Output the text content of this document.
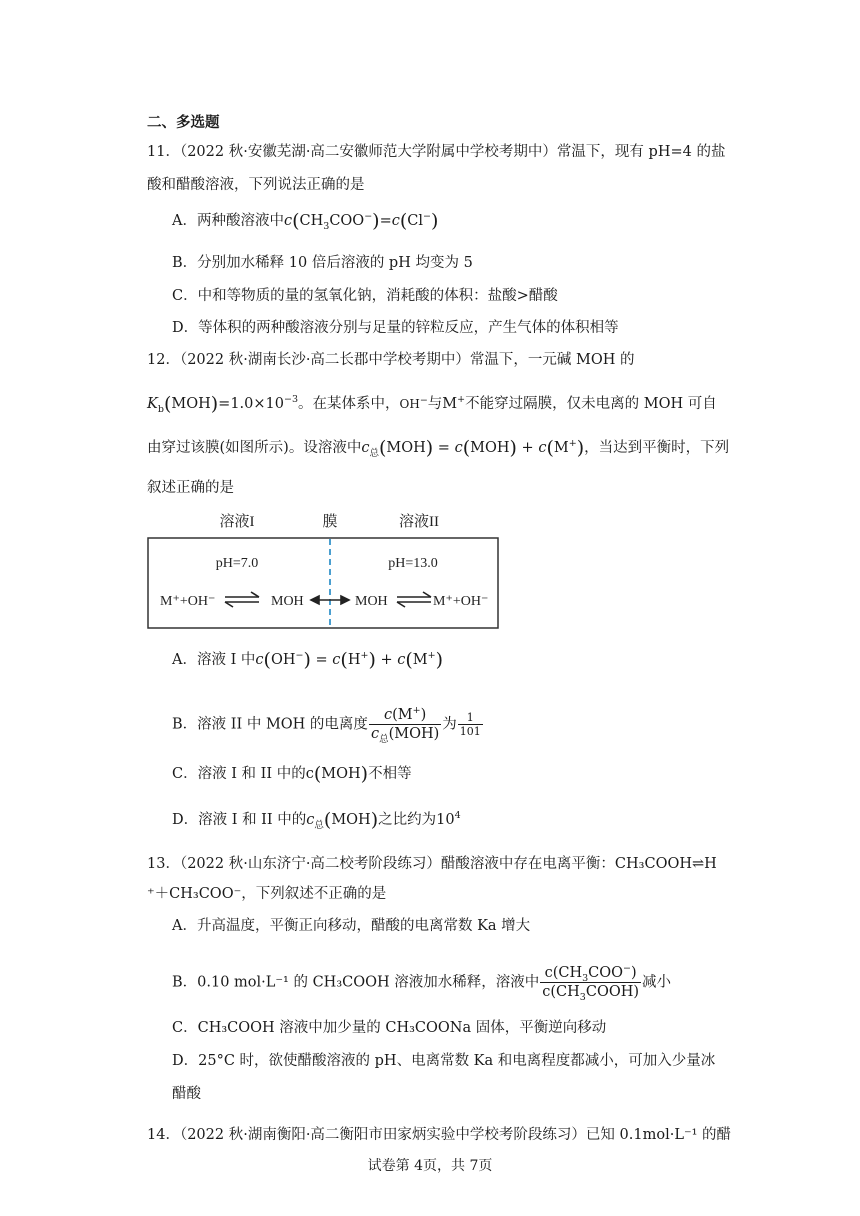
二、多选题
11．（2022 秋·安徽芜湖·高二安徽师范大学附属中学校考期中）常温下，现有 pH=4 的盐
酸和醋酸溶液，下列说法正确的是
A．两种酸溶液中$c(CH_3COO^-)=c(Cl^-)$
B．分别加水稀释 10 倍后溶液的 pH 均变为 5
C．中和等物质的量的氢氧化钠，消耗酸的体积：盐酸>醋酸
D．等体积的两种酸溶液分别与足量的锌粒反应，产生气体的体积相等
12．（2022 秋·湖南长沙·高二长郡中学校考期中）常温下，一元碱 MOH 的
$K_b(MOH)=1.0\times 10^{-3}$。在某体系中，OH−与M+不能穿过隔膜，仅未电离的 MOH 可自
由穿过该膜(如图所示)。设溶液中$c_总(MOH) = c(MOH) + c(M^+)$，当达到平衡时，下列
叙述正确的是
溶液I	膜	溶液II
pH=7.0	pH=13.0
M⁺+OH⁻	MOH	MOH	M⁺+OH⁻
A．溶液 I 中c(OH−) = c(H+) + c(M+)
B．溶液 II 中 MOH 的电离度 $\frac{c(M^+)}{c_总(MOH)}$ 为 $\frac{1}{101}$
C．溶液 I 和 II 中的c(MOH)不相等
D．溶液 I 和 II 中的$c_总(MOH)$之比约为$10^4$
13．（2022 秋·山东济宁·高二校考阶段练习）醋酸溶液中存在电离平衡：CH₃COOH⇌H
⁺＋CH₃COO⁻，下列叙述不正确的是
A．升高温度，平衡正向移动，醋酸的电离常数 Ka 增大
B．0.10 mol·L⁻¹ 的 CH₃COOH 溶液加水稀释，溶液中 $\frac{c(CH_3COO^-)}{c(CH_3COOH)}$ 减小
C．CH₃COOH 溶液中加少量的 CH₃COONa 固体，平衡逆向移动
D．25°C 时，欲使醋酸溶液的 pH、电离常数 Ka 和电离程度都减小，可加入少量冰
醋酸
14．（2022 秋·湖南衡阳·高二衡阳市田家炳实验中学校考阶段练习）已知 0.1mol·L⁻¹ 的醋
试卷第 4页，共 7页
